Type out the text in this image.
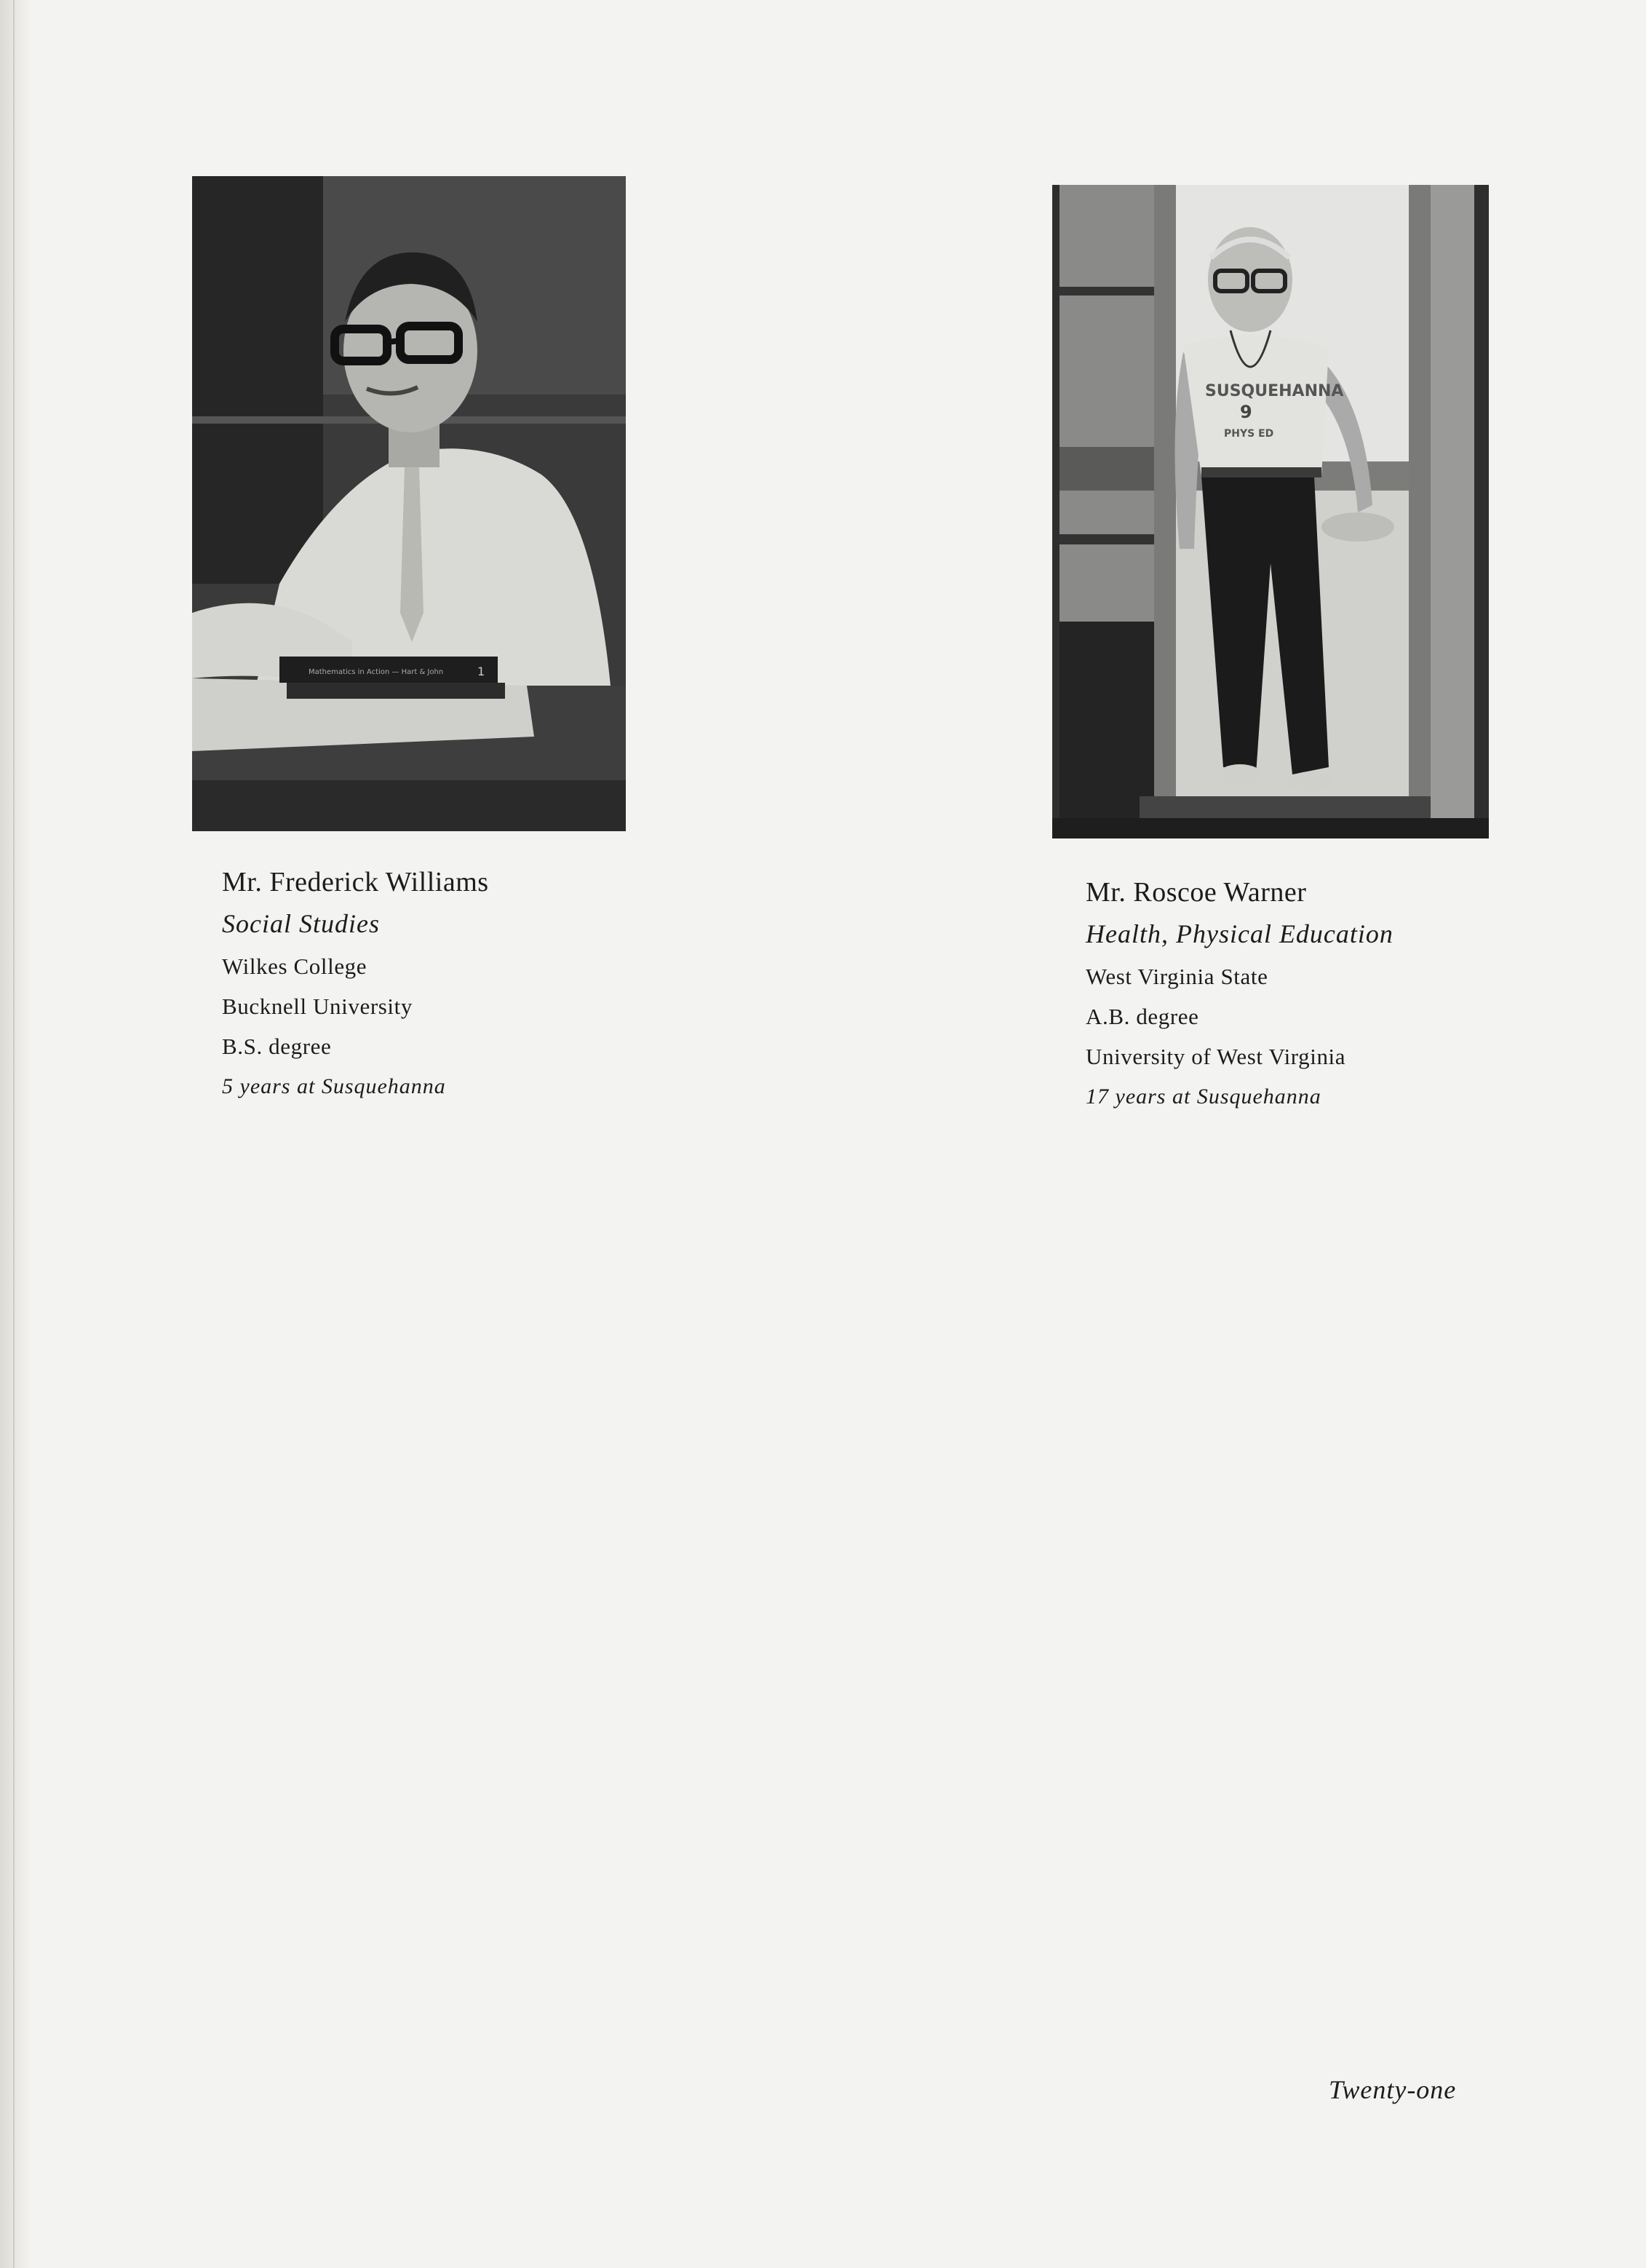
Mathematics in Action — Hart & John	1
SUSQUEHANNA
9
PHYS ED
Mr. Frederick Williams
Social Studies
Wilkes College
Bucknell University
B.S. degree
5 years at Susquehanna
Mr. Roscoe Warner
Health, Physical Education
West Virginia State
A.B. degree
University of West Virginia
17 years at Susquehanna
Twenty-one
